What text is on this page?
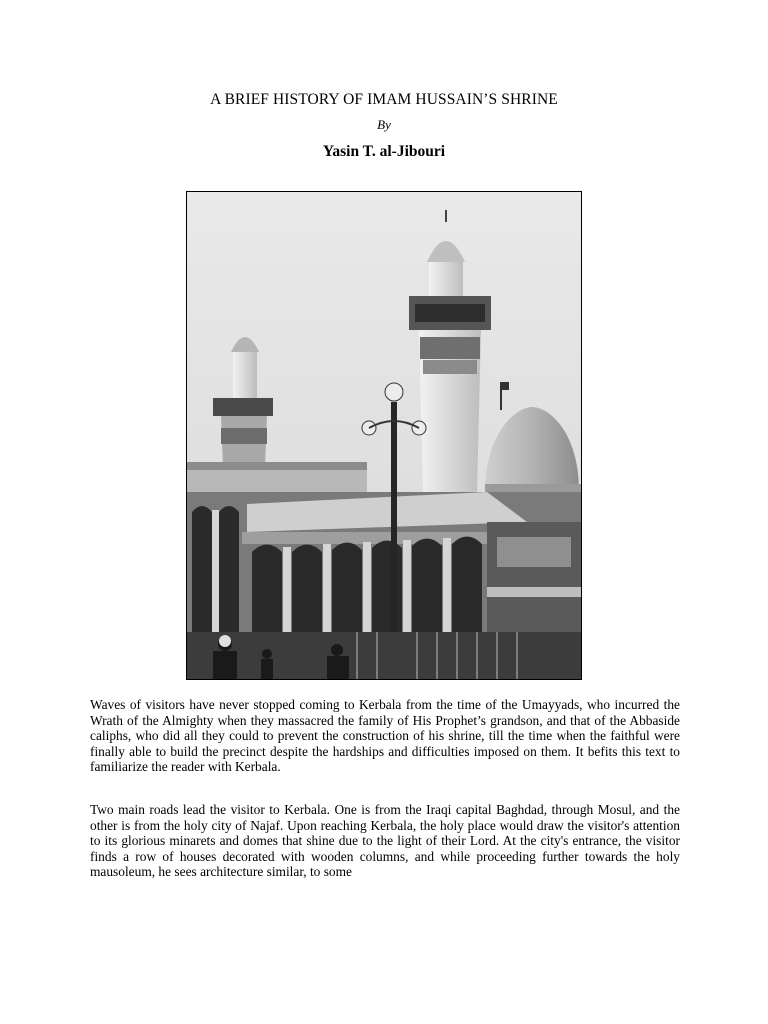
A BRIEF HISTORY OF IMAM HUSSAIN’S SHRINE
By
Yasin T. al-Jibouri

Waves of visitors have never stopped coming to Kerbala from the time of the Umayyads, who incurred the Wrath of the Almighty when they massacred the family of His Prophet’s grandson, and that of the Abbaside caliphs, who did all they could to prevent the construction of his shrine, till the time when the faithful were finally able to build the precinct despite the hardships and difficulties imposed on them. It befits this text to familiarize the reader with Kerbala.

Two main roads lead the visitor to Kerbala. One is from the Iraqi capital Baghdad, through Mosul, and the other is from the holy city of Najaf. Upon reaching Kerbala, the holy place would draw the visitor's attention to its glorious minarets and domes that shine due to the light of their Lord. At the city's entrance, the visitor finds a row of houses decorated with wooden columns, and while proceeding further towards the holy mausoleum, he sees architecture similar, to some
